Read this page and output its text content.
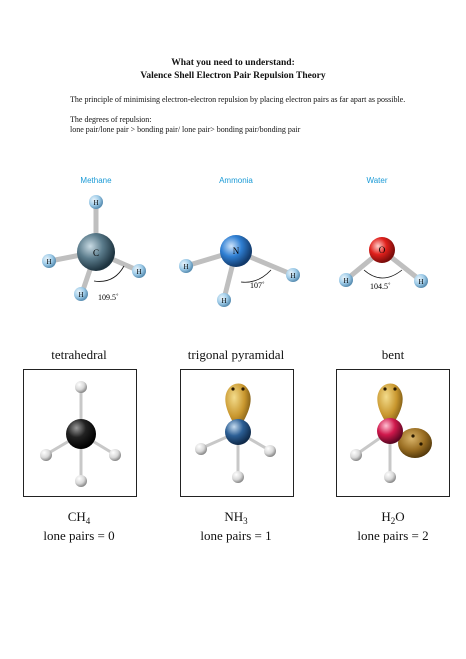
What you need to understand:
Valence Shell Electron Pair Repulsion Theory

The principle of minimising electron-electron repulsion by placing electron pairs as far apart as possible.

The degrees of repulsion:
lone pair/lone pair > bonding pair/ lone pair> bonding pair/bonding pair

Methane	Ammonia	Water
C
H
H
H
H 109.5˚
N
H
H
H
107˚
O
H	H
104.5˚
tetrahedral	trigonal pyramidal	bent
$CH_4$	$NH_3$	$H_2O$
lone pairs = 0	lone pairs = 1	lone pairs = 2
